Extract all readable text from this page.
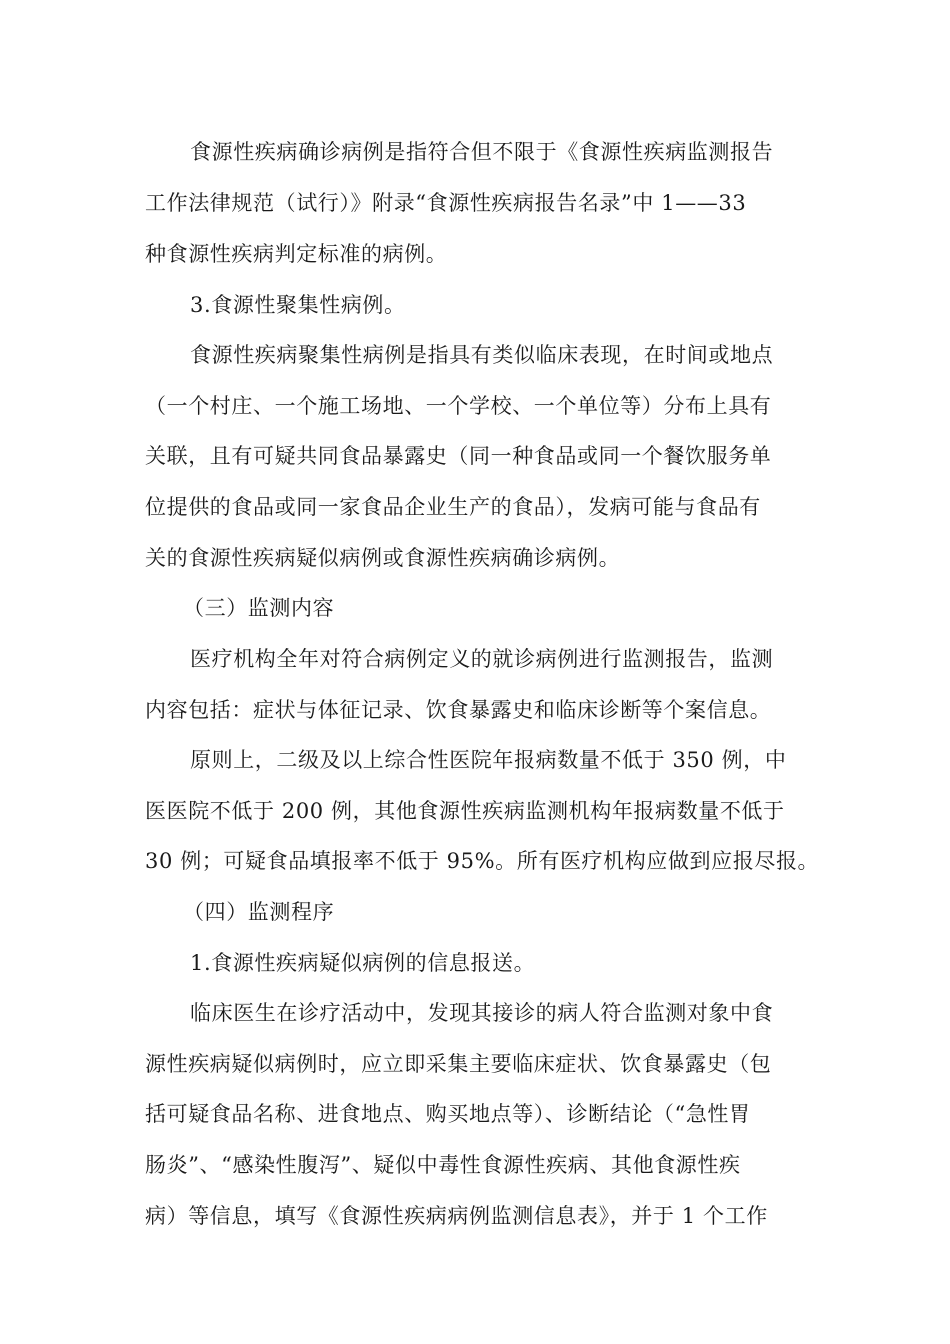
食源性疾病确诊病例是指符合但不限于《食源性疾病监测报告
工作法律规范（试行）》附录“食源性疾病报告名录”中 1——33
种食源性疾病判定标准的病例。
3.食源性聚集性病例。
食源性疾病聚集性病例是指具有类似临床表现，在时间或地点
（一个村庄、一个施工场地、一个学校、一个单位等）分布上具有
关联，且有可疑共同食品暴露史（同一种食品或同一个餐饮服务单
位提供的食品或同一家食品企业生产的食品），发病可能与食品有
关的食源性疾病疑似病例或食源性疾病确诊病例。
（三）监测内容
医疗机构全年对符合病例定义的就诊病例进行监测报告，监测
内容包括：症状与体征记录、饮食暴露史和临床诊断等个案信息。
原则上，二级及以上综合性医院年报病数量不低于 350 例，中
医医院不低于 200 例，其他食源性疾病监测机构年报病数量不低于
30 例；可疑食品填报率不低于 95%。所有医疗机构应做到应报尽报。
（四）监测程序
1.食源性疾病疑似病例的信息报送。
临床医生在诊疗活动中，发现其接诊的病人符合监测对象中食
源性疾病疑似病例时，应立即采集主要临床症状、饮食暴露史（包
括可疑食品名称、进食地点、购买地点等）、诊断结论（“急性胃
肠炎”、“感染性腹泻”、疑似中毒性食源性疾病、其他食源性疾
病）等信息，填写《食源性疾病病例监测信息表》，并于 1 个工作
